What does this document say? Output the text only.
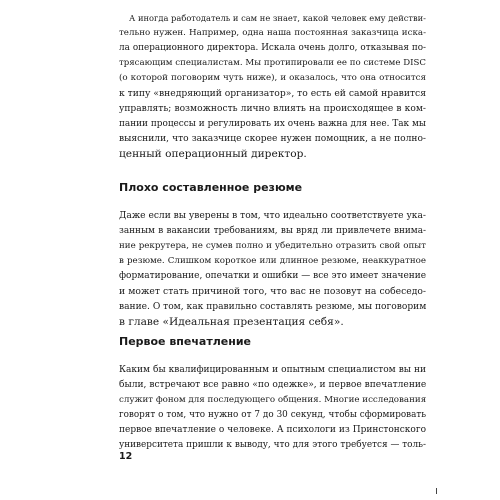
А иногда работодатель и сам не знает, какой человек ему действи-
тельно нужен. Например, одна наша постоянная заказчица иска-
ла операционного директора. Искала очень долго, отказывая по-
трясающим специалистам. Мы протипировали ее по системе DISC
(о которой поговорим чуть ниже), и оказалось, что она относится
к типу «внедряющий организатор», то есть ей самой нравится
управлять; возможность лично влиять на происходящее в ком-
пании процессы и регулировать их очень важна для нее. Так мы
выяснили, что заказчице скорее нужен помощник, а не полно-
ценный операционный директор.
Плохо составленное резюме
Даже если вы уверены в том, что идеально соответствуете ука-
занным в вакансии требованиям, вы вряд ли привлечете внима-
ние рекрутера, не сумев полно и убедительно отразить свой опыт
в резюме. Слишком короткое или длинное резюме, неаккуратное
форматирование, опечатки и ошибки — все это имеет значение
и может стать причиной того, что вас не позовут на собеседо-
вание. О том, как правильно составлять резюме, мы поговорим
в главе «Идеальная презентация себя».
Первое впечатление
Каким бы квалифицированным и опытным специалистом вы ни
были, встречают все равно «по одежке», и первое впечатление
служит фоном для последующего общения. Многие исследования
говорят о том, что нужно от 7 до 30 секунд, чтобы сформировать
первое впечатление о человеке. А психологи из Принстонского
университета пришли к выводу, что для этого требуется — толь-
12
